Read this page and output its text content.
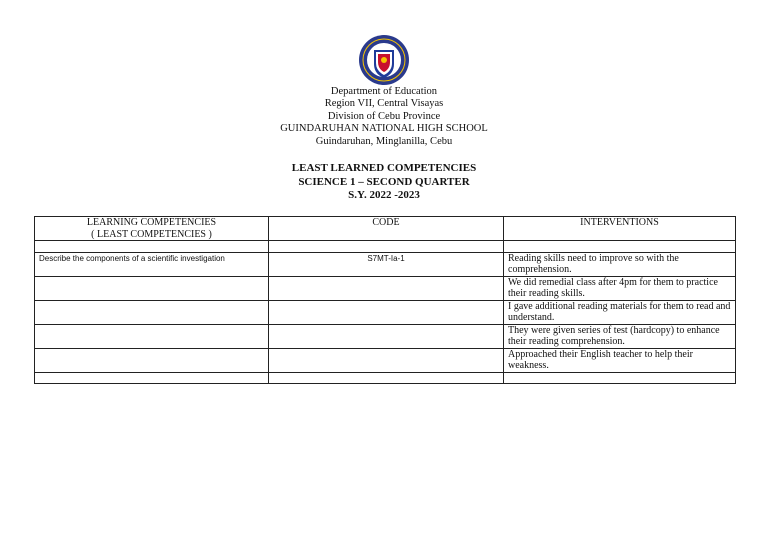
Department of Education
Region VII, Central Visayas
Division of Cebu Province
GUINDARUHAN NATIONAL HIGH SCHOOL
Guindaruhan, Minglanilla, Cebu
LEAST LEARNED COMPETENCIES
SCIENCE 1 – SECOND QUARTER
S.Y. 2022 -2023
LEARNING COMPETENCIES
( LEAST COMPETENCIES )	CODE	INTERVENTIONS

Describe the components of a scientific investigation	S7MT-Ia-1	Reading skills need to improve so with the comprehension.
		We did remedial class after 4pm for them to practice their reading skills.
		I gave additional reading materials for them to read and understand.
		They were given series of test (hardcopy) to enhance their reading comprehension.
		Approached their English teacher to help their weakness.
